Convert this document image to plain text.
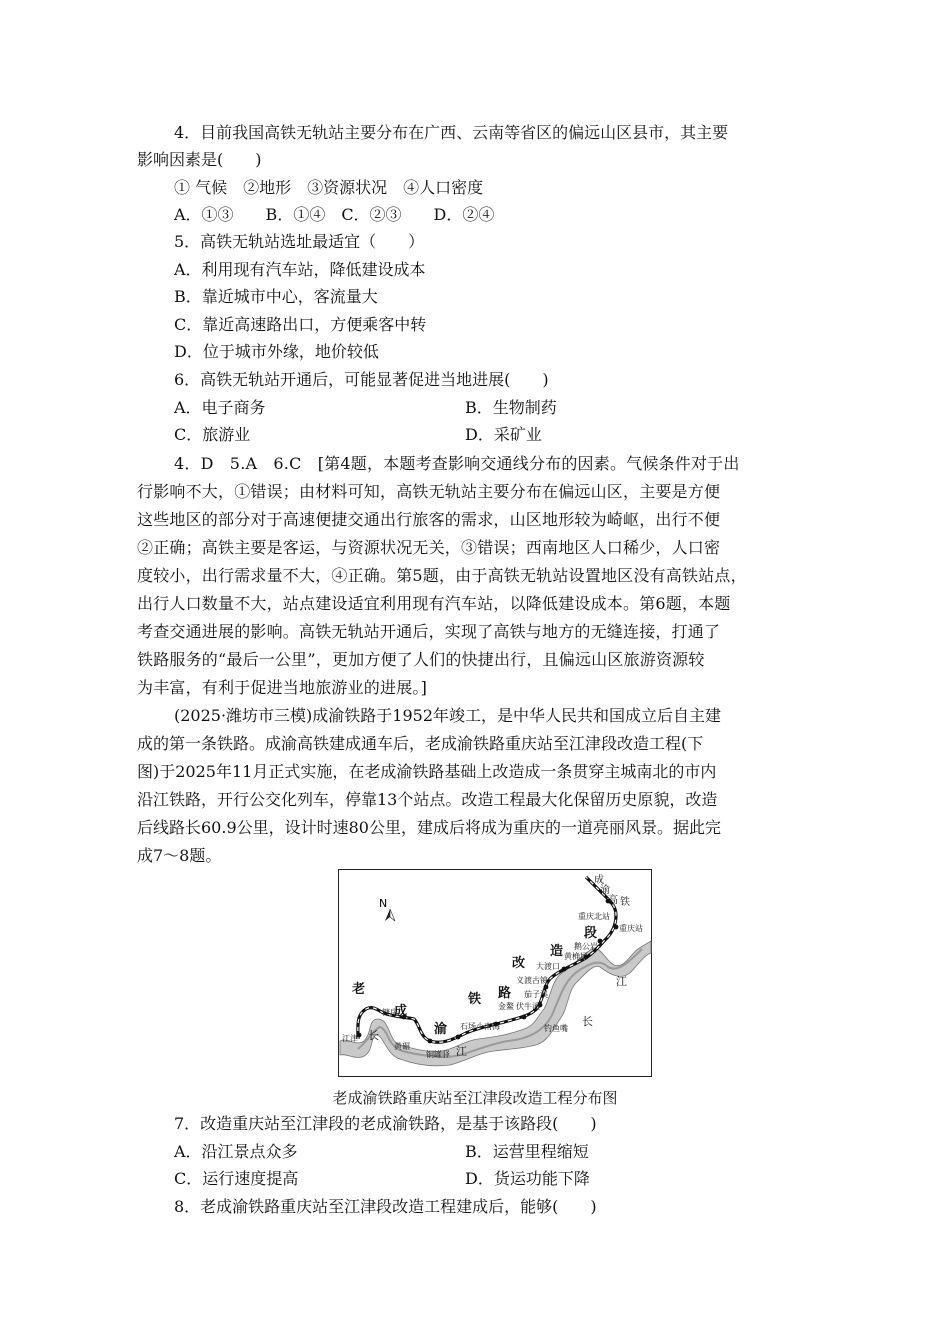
4．目前我国高铁无轨站主要分布在广西、云南等省区的偏远山区县市，其主要
影响因素是(　　)
① 气候　②地形　③资源状况　④人口密度
A．①③　　B．①④　C．②③　　D．②④
5．高铁无轨站选址最适宜（　　）
A．利用现有汽车站，降低建设成本
B．靠近城市中心，客流量大
C．靠近高速路出口，方便乘客中转
D．位于城市外缘，地价较低
6．高铁无轨站开通后，可能显著促进当地进展(　　)
A．电子商务	B．生物制药
C．旅游业	D．采矿业
4．D　5.A　6.C　[第4题，本题考查影响交通线分布的因素。气候条件对于出
行影响不大，①错误；由材料可知，高铁无轨站主要分布在偏远山区，主要是方便
这些地区的部分对于高速便捷交通出行旅客的需求，山区地形较为崎岖，出行不便
②正确；高铁主要是客运，与资源状况无关，③错误；西南地区人口稀少，人口密
度较小，出行需求量不大，④正确。第5题，由于高铁无轨站设置地区没有高铁站点，
出行人口数量不大，站点建设适宜利用现有汽车站，以降低建设成本。第6题，本题
考查交通进展的影响。高铁无轨站开通后，实现了高铁与地方的无缝连接，打通了
铁路服务的“最后一公里”，更加方便了人们的快捷出行，且偏远山区旅游资源较
为丰富，有利于促进当地旅游业的进展。]
(2025·潍坊市三模)成渝铁路于1952年竣工，是中华人民共和国成立后自主建
成的第一条铁路。成渝高铁建成通车后，老成渝铁路重庆站至江津段改造工程(下
图)于2025年11月正式实施，在老成渝铁路基础上改造成一条贯穿主城南北的市内
沿江铁路，开行公交化列车，停靠13个站点。改造工程最大化保留历史原貌，改造
后线路长60.9公里，设计时速80公里，建成后将成为重庆的一道亮丽风景。据此完
成7～8题。
N
成
渝
高 铁
重庆北站
重庆站
段
造 鹅公岩
黄桷坪
大渡口
改
义渡古镇	江
路 茄子溪
金鳌 伏牛溪
铁
长
石场小南海	钓鱼嘴
老
糖房
成
渝
江津 长
黄碾
铜罐驿 江
老成渝铁路重庆站至江津段改造工程分布图
7．改造重庆站至江津段的老成渝铁路，是基于该路段(　　)
A．沿江景点众多	B．运营里程缩短
C．运行速度提高	D．货运功能下降
8．老成渝铁路重庆站至江津段改造工程建成后，能够(　　)
